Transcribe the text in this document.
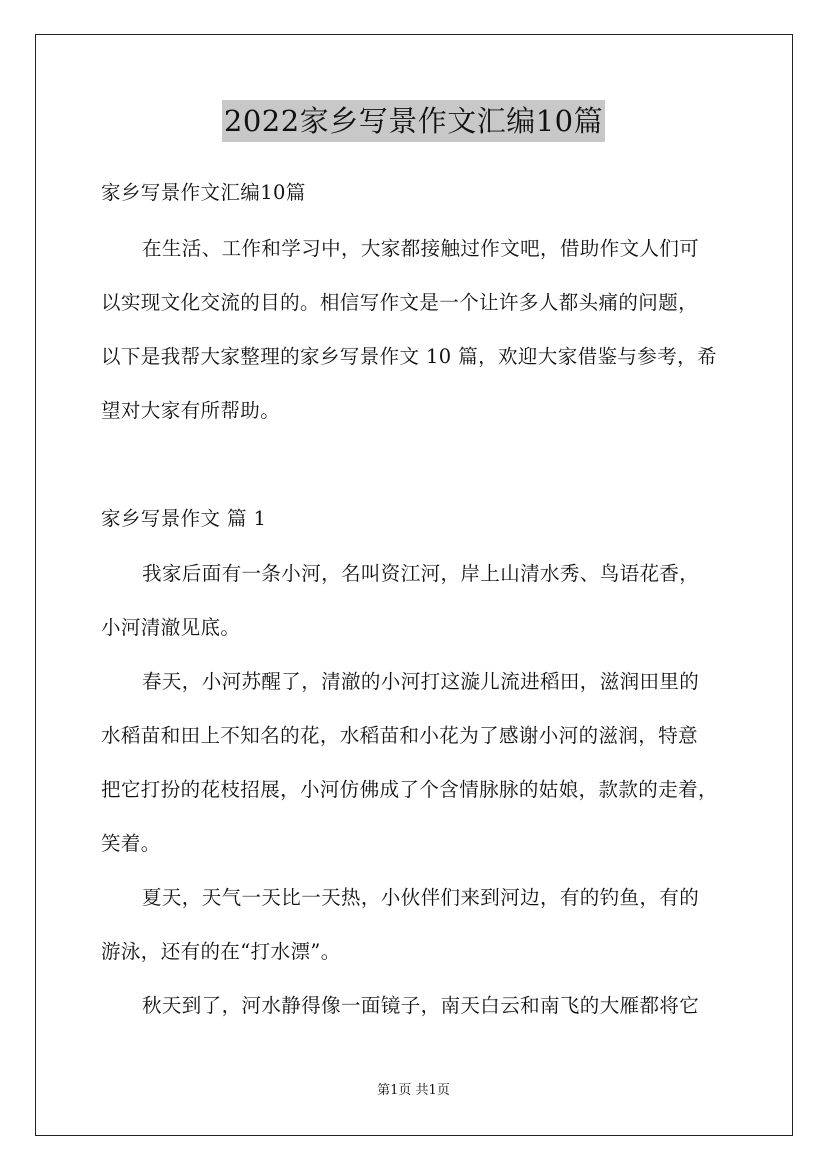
2022家乡写景作文汇编10篇
家乡写景作文汇编10篇
在生活、工作和学习中，大家都接触过作文吧，借助作文人们可
以实现文化交流的目的。相信写作文是一个让许多人都头痛的问题，
以下是我帮大家整理的家乡写景作文 10 篇，欢迎大家借鉴与参考，希
望对大家有所帮助。
家乡写景作文 篇 1
我家后面有一条小河，名叫资江河，岸上山清水秀、鸟语花香，
小河清澈见底。
春天，小河苏醒了，清澈的小河打这漩儿流进稻田，滋润田里的
水稻苗和田上不知名的花，水稻苗和小花为了感谢小河的滋润，特意
把它打扮的花枝招展，小河仿佛成了个含情脉脉的姑娘，款款的走着，
笑着。
夏天，天气一天比一天热，小伙伴们来到河边，有的钓鱼，有的
游泳，还有的在“打水漂”。
秋天到了，河水静得像一面镜子，南天白云和南飞的大雁都将它
第1页 共1页
